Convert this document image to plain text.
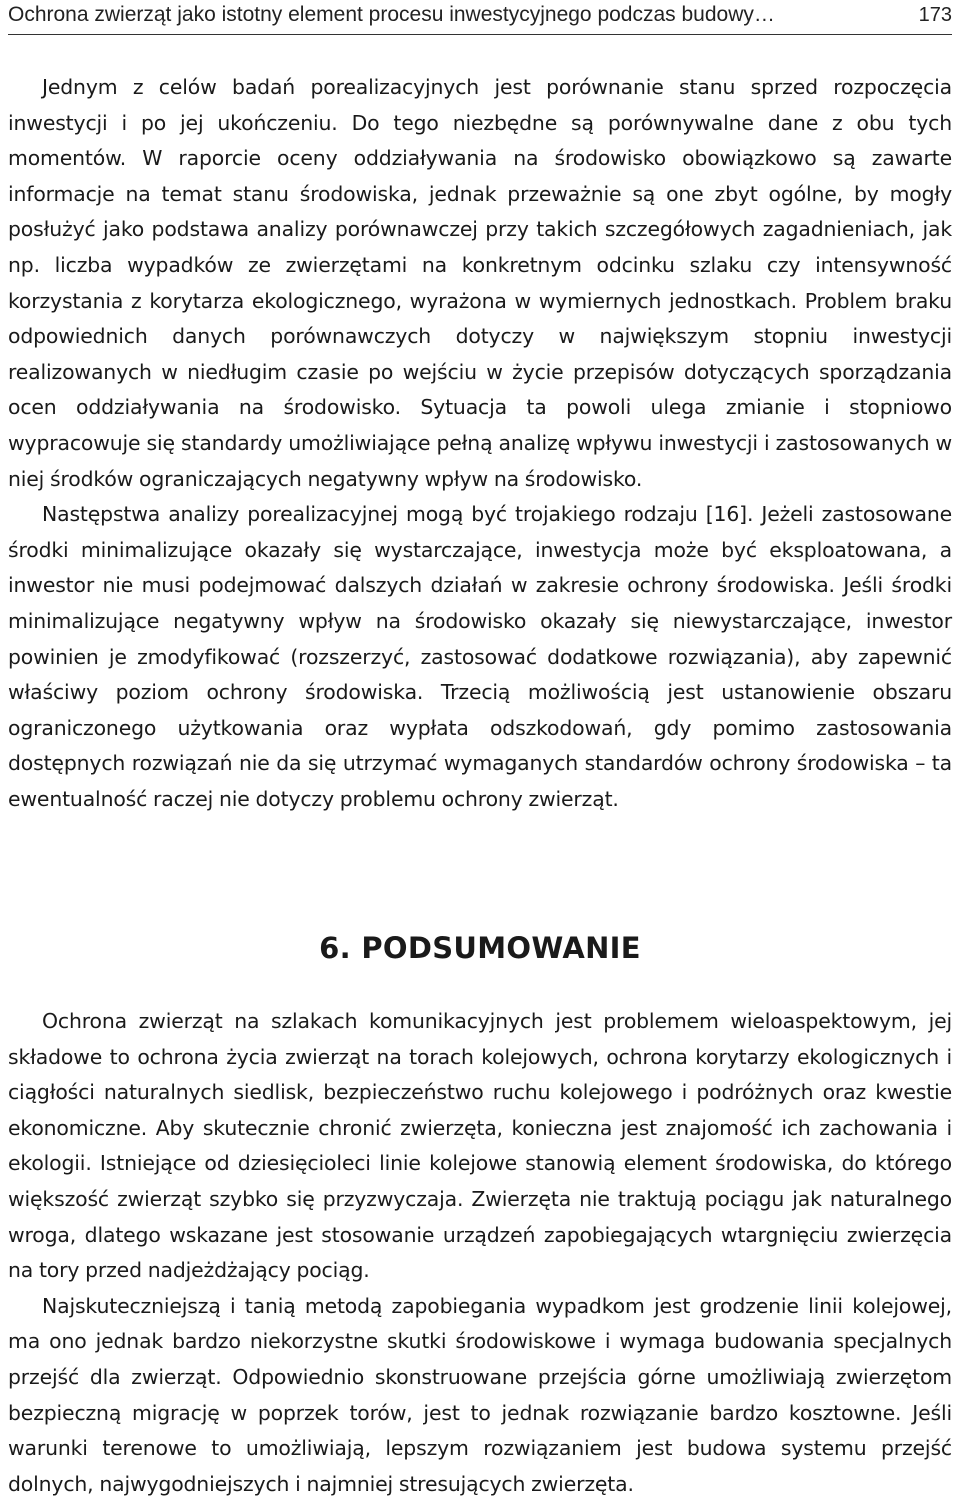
Ochrona zwierząt jako istotny element procesu inwestycyjnego podczas budowy…	173

Jednym z celów badań porealizacyjnych jest porównanie stanu sprzed rozpoczęcia inwestycji i po jej ukończeniu. Do tego niezbędne są porównywalne dane z obu tych momentów. W raporcie oceny oddziaływania na środowisko obowiązkowo są zawarte informacje na temat stanu środowiska, jednak przeważnie są one zbyt ogólne, by mogły posłużyć jako podstawa analizy porównawczej przy takich szczegółowych zagadnieniach, jak np. liczba wypadków ze zwierzętami na konkretnym odcinku szlaku czy intensywność korzystania z korytarza ekologicznego, wyrażona w wymiernych jednostkach. Problem braku odpowiednich danych porównawczych dotyczy w największym stopniu inwestycji realizowanych w niedługim czasie po wejściu w życie przepisów dotyczących sporządzania ocen oddziaływania na środowisko. Sytuacja ta powoli ulega zmianie i stopniowo wypracowuje się standardy umożliwiające pełną analizę wpływu inwestycji i zastosowanych w niej środków ograniczających negatywny wpływ na środowisko.

Następstwa analizy porealizacyjnej mogą być trojakiego rodzaju [16]. Jeżeli zastosowane środki minimalizujące okazały się wystarczające, inwestycja może być eksploatowana, a inwestor nie musi podejmować dalszych działań w zakresie ochrony środowiska. Jeśli środki minimalizujące negatywny wpływ na środowisko okazały się niewystarczające, inwestor powinien je zmodyfikować (rozszerzyć, zastosować dodatkowe rozwiązania), aby zapewnić właściwy poziom ochrony środowiska. Trzecią możliwością jest ustanowienie obszaru ograniczonego użytkowania oraz wypłata odszkodowań, gdy pomimo zastosowania dostępnych rozwiązań nie da się utrzymać wymaganych standardów ochrony środowiska – ta ewentualność raczej nie dotyczy problemu ochrony zwierząt.

6. PODSUMOWANIE

Ochrona zwierząt na szlakach komunikacyjnych jest problemem wieloaspektowym, jej składowe to ochrona życia zwierząt na torach kolejowych, ochrona korytarzy ekologicznych i ciągłości naturalnych siedlisk, bezpieczeństwo ruchu kolejowego i podróżnych oraz kwestie ekonomiczne. Aby skutecznie chronić zwierzęta, konieczna jest znajomość ich zachowania i ekologii. Istniejące od dziesięcioleci linie kolejowe stanowią element środowiska, do którego większość zwierząt szybko się przyzwyczaja. Zwierzęta nie traktują pociągu jak naturalnego wroga, dlatego wskazane jest stosowanie urządzeń zapobiegających wtargnięciu zwierzęcia na tory przed nadjeżdżający pociąg.

Najskuteczniejszą i tanią metodą zapobiegania wypadkom jest grodzenie linii kolejowej, ma ono jednak bardzo niekorzystne skutki środowiskowe i wymaga budowania specjalnych przejść dla zwierząt. Odpowiednio skonstruowane przejścia górne umożliwiają zwierzętom bezpieczną migrację w poprzek torów, jest to jednak rozwiązanie bardzo kosztowne. Jeśli warunki terenowe to umożliwiają, lepszym rozwiązaniem jest budowa systemu przejść dolnych, najwygodniejszych i najmniej stresujących zwierzęta.
